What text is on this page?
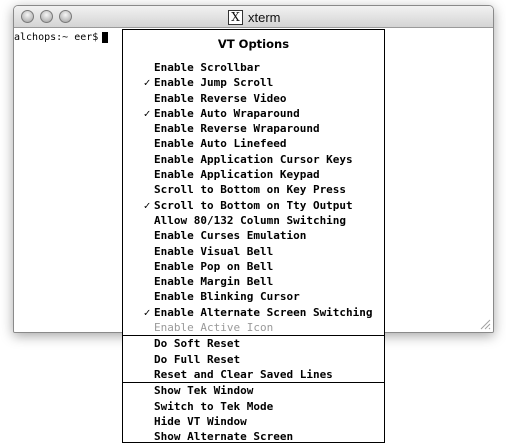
X xterm
alchops:~ eer$	VT Options
Enable Scrollbar
✓ Enable Jump Scroll
Enable Reverse Video
✓ Enable Auto Wraparound
Enable Reverse Wraparound
Enable Auto Linefeed
Enable Application Cursor Keys
Enable Application Keypad
Scroll to Bottom on Key Press
✓ Scroll to Bottom on Tty Output
Allow 80/132 Column Switching
Enable Curses Emulation
Enable Visual Bell
Enable Pop on Bell
Enable Margin Bell
Enable Blinking Cursor
✓ Enable Alternate Screen Switching
Enable Active Icon
Do Soft Reset
Do Full Reset
Reset and Clear Saved Lines
Show Tek Window
Switch to Tek Mode
Hide VT Window
Show Alternate Screen
